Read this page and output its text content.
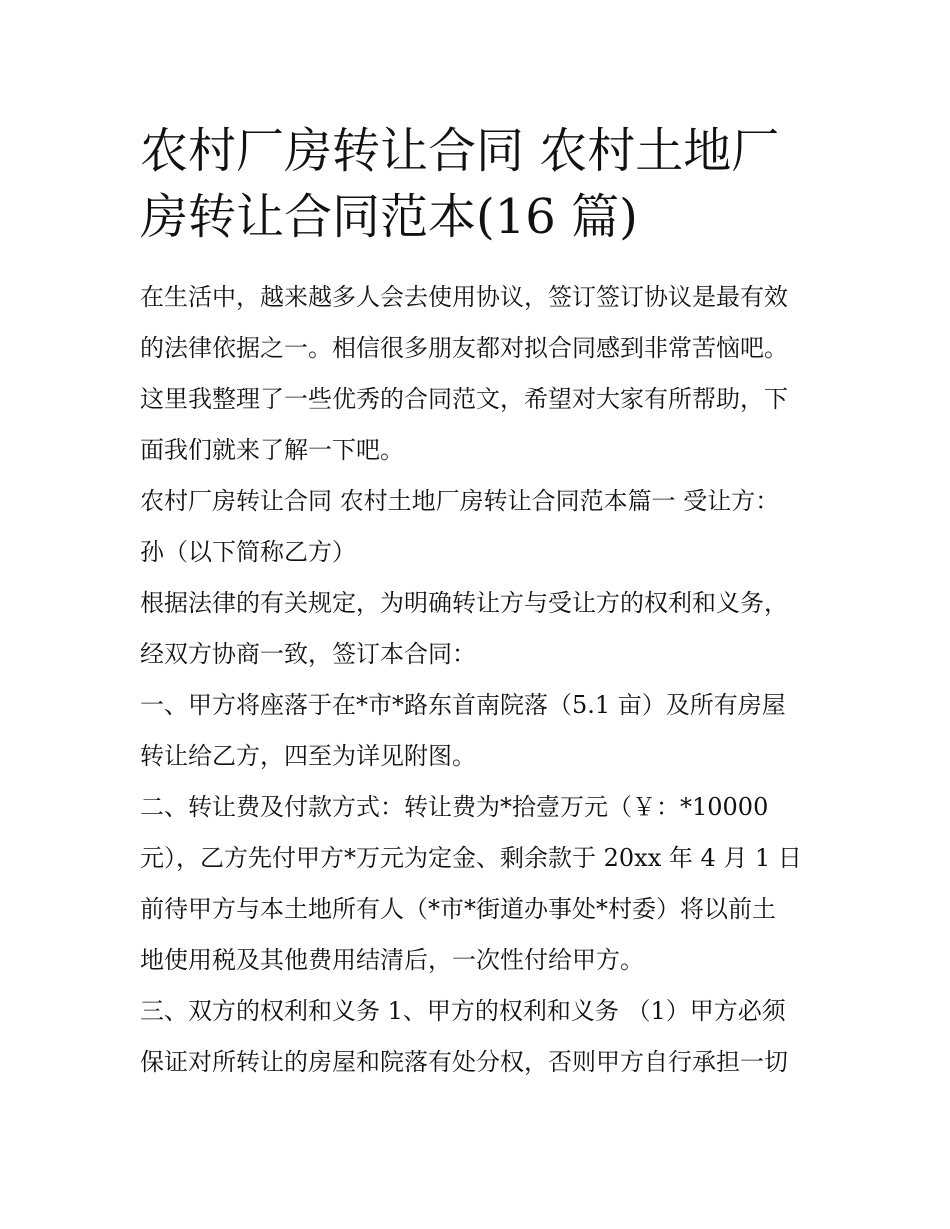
农村厂房转让合同 农村土地厂
房转让合同范本(16 篇)

在生活中，越来越多人会去使用协议，签订签订协议是最有效
的法律依据之一。相信很多朋友都对拟合同感到非常苦恼吧。
这里我整理了一些优秀的合同范文，希望对大家有所帮助，下
面我们就来了解一下吧。

农村厂房转让合同 农村土地厂房转让合同范本篇一 受让方：
孙（以下简称乙方）

根据法律的有关规定，为明确转让方与受让方的权利和义务，
经双方协商一致，签订本合同：

一、甲方将座落于在*市*路东首南院落（5.1 亩）及所有房屋
转让给乙方，四至为详见附图。

二、转让费及付款方式：转让费为*拾壹万元（￥：*10000
元），乙方先付甲方*万元为定金、剩余款于 20xx 年 4 月 1 日
前待甲方与本土地所有人（*市*街道办事处*村委）将以前土
地使用税及其他费用结清后，一次性付给甲方。

三、双方的权利和义务 1、甲方的权利和义务 （1）甲方必须
保证对所转让的房屋和院落有处分权，否则甲方自行承担一切
